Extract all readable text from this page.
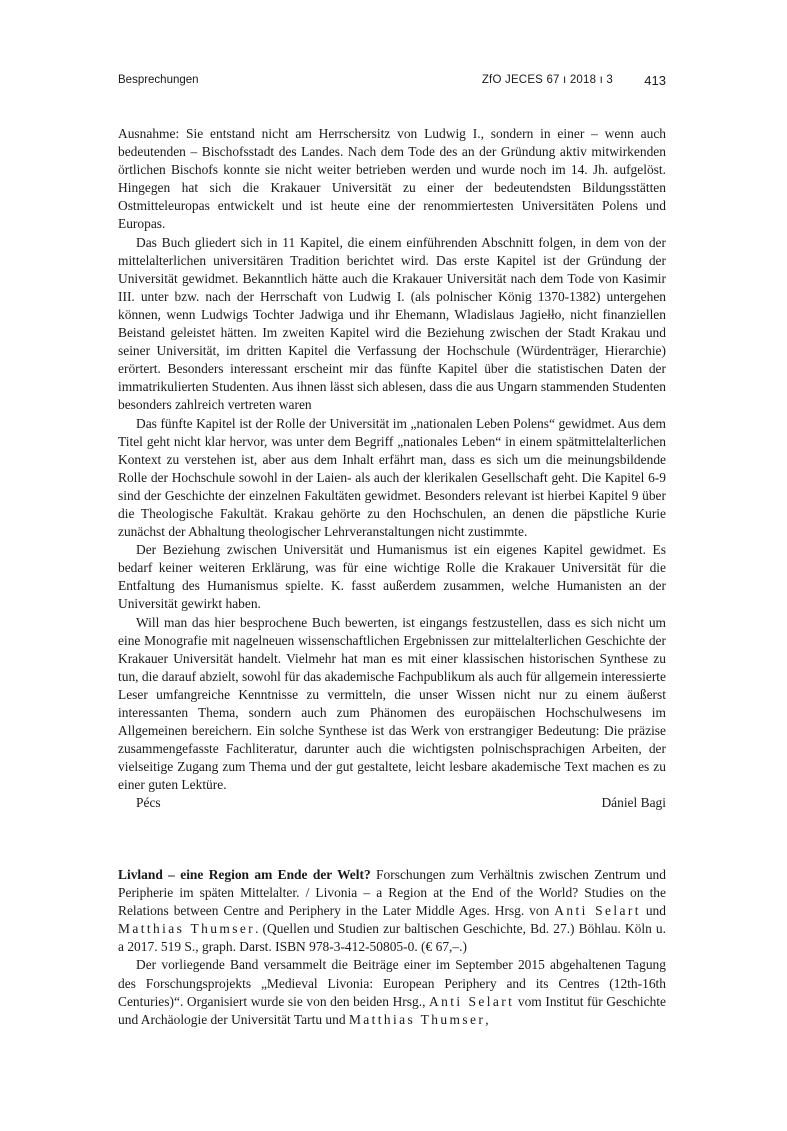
Besprechungen	ZfO JECES 67 ı 2018 ı 3 413

Ausnahme: Sie entstand nicht am Herrschersitz von Ludwig I., sondern in einer – wenn auch bedeutenden – Bischofsstadt des Landes. Nach dem Tode des an der Gründung aktiv mitwirkenden örtlichen Bischofs konnte sie nicht weiter betrieben werden und wurde noch im 14. Jh. aufgelöst. Hingegen hat sich die Krakauer Universität zu einer der bedeutendsten Bildungsstätten Ostmitteleuropas entwickelt und ist heute eine der renommiertesten Universitäten Polens und Europas.

Das Buch gliedert sich in 11 Kapitel, die einem einführenden Abschnitt folgen, in dem von der mittelalterlichen universitären Tradition berichtet wird. Das erste Kapitel ist der Gründung der Universität gewidmet. Bekanntlich hätte auch die Krakauer Universität nach dem Tode von Kasimir III. unter bzw. nach der Herrschaft von Ludwig I. (als polnischer König 1370-1382) untergehen können, wenn Ludwigs Tochter Jadwiga und ihr Ehemann, Wladislaus Jagiełło, nicht finanziellen Beistand geleistet hätten. Im zweiten Kapitel wird die Beziehung zwischen der Stadt Krakau und seiner Universität, im dritten Kapitel die Verfassung der Hochschule (Würdenträger, Hierarchie) erörtert. Besonders interessant erscheint mir das fünfte Kapitel über die statistischen Daten der immatrikulierten Studenten. Aus ihnen lässt sich ablesen, dass die aus Ungarn stammenden Studenten besonders zahlreich vertreten waren

Das fünfte Kapitel ist der Rolle der Universität im „nationalen Leben Polens“ gewidmet. Aus dem Titel geht nicht klar hervor, was unter dem Begriff „nationales Leben“ in einem spätmittelalterlichen Kontext zu verstehen ist, aber aus dem Inhalt erfährt man, dass es sich um die meinungsbildende Rolle der Hochschule sowohl in der Laien- als auch der klerikalen Gesellschaft geht. Die Kapitel 6-9 sind der Geschichte der einzelnen Fakultäten gewidmet. Besonders relevant ist hierbei Kapitel 9 über die Theologische Fakultät. Krakau gehörte zu den Hochschulen, an denen die päpstliche Kurie zunächst der Abhaltung theologischer Lehrveranstaltungen nicht zustimmte.

Der Beziehung zwischen Universität und Humanismus ist ein eigenes Kapitel gewidmet. Es bedarf keiner weiteren Erklärung, was für eine wichtige Rolle die Krakauer Universität für die Entfaltung des Humanismus spielte. K. fasst außerdem zusammen, welche Humanisten an der Universität gewirkt haben.

Will man das hier besprochene Buch bewerten, ist eingangs festzustellen, dass es sich nicht um eine Monografie mit nagelneuen wissenschaftlichen Ergebnissen zur mittelalterlichen Geschichte der Krakauer Universität handelt. Vielmehr hat man es mit einer klassischen historischen Synthese zu tun, die darauf abzielt, sowohl für das akademische Fachpublikum als auch für allgemein interessierte Leser umfangreiche Kenntnisse zu vermitteln, die unser Wissen nicht nur zu einem äußerst interessanten Thema, sondern auch zum Phänomen des europäischen Hochschulwesens im Allgemeinen bereichern. Ein solche Synthese ist das Werk von erstrangiger Bedeutung: Die präzise zusammengefasste Fachliteratur, darunter auch die wichtigsten polnischsprachigen Arbeiten, der vielseitige Zugang zum Thema und der gut gestaltete, leicht lesbare akademische Text machen es zu einer guten Lektüre.

Pécs	Dániel Bagi

Livland – eine Region am Ende der Welt? Forschungen zum Verhältnis zwischen Zentrum und Peripherie im späten Mittelalter. / Livonia – a Region at the End of the World? Studies on the Relations between Centre and Periphery in the Later Middle Ages. Hrsg. von Anti Selart und Matthias Thumser. (Quellen und Studien zur baltischen Geschichte, Bd. 27.) Böhlau. Köln u. a 2017. 519 S., graph. Darst. ISBN 978-3-412-50805-0. (€ 67,–.)

Der vorliegende Band versammelt die Beiträge einer im September 2015 abgehaltenen Tagung des Forschungsprojekts „Medieval Livonia: European Periphery and its Centres (12th-16th Centuries)“. Organisiert wurde sie von den beiden Hrsg., Anti Selart vom Institut für Geschichte und Archäologie der Universität Tartu und Matthias Thumser,
